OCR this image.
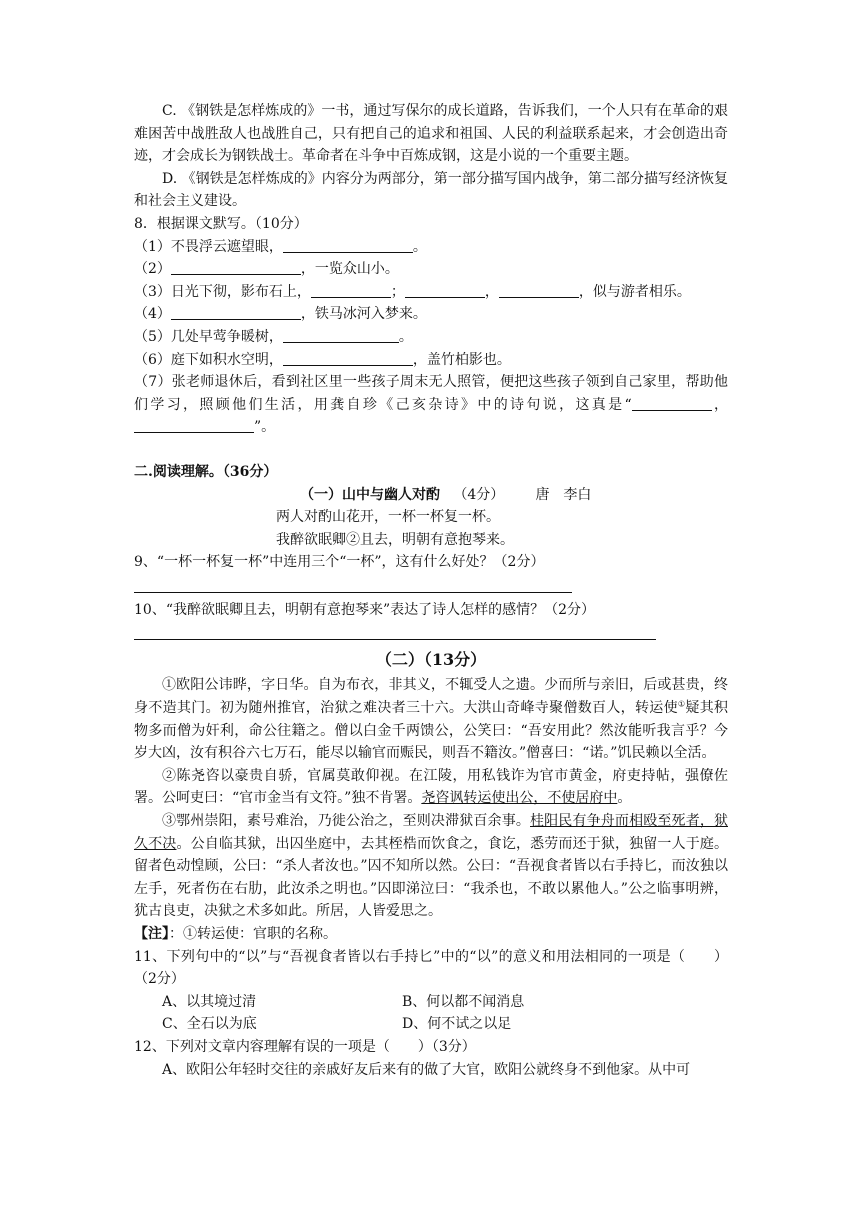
C. 《钢铁是怎样炼成的》一书，通过写保尔的成长道路，告诉我们，一个人只有在革命的艰难困苦中战胜敌人也战胜自己，只有把自己的追求和祖国、人民的利益联系起来，才会创造出奇迹，才会成长为钢铁战士。革命者在斗争中百炼成钢，这是小说的一个重要主题。

D. 《钢铁是怎样炼成的》内容分为两部分，第一部分描写国内战争，第二部分描写经济恢复和社会主义建设。

8．根据课文默写。（10分）

（1）不畏浮云遮望眼，	。

（2）	，一览众山小。

（3）日光下彻，影布石上，	；	，	，似与游者相乐。

（4）	，铁马冰河入梦来。

（5）几处早莺争暖树，	。

（6）庭下如积水空明，	，盖竹柏影也。

（7）张老师退休后，看到社区里一些孩子周末无人照管，便把这些孩子领到自己家里，帮助他们学习，照顾他们生活，用龚自珍《己亥杂诗》中的诗句说，这真是“	，”。

二.阅读理解。（36分）

（一）山中与幽人对酌 （4分） 唐　李白

两人对酌山花开，一杯一杯复一杯。

我醉欲眠卿②且去，明朝有意抱琴来。

9、“一杯一杯复一杯”中连用三个“一杯”，这有什么好处？（2分）

10、“我醉欲眠卿且去，明朝有意抱琴来”表达了诗人怎样的感情？（2分）

（二）（13分）

①欧阳公讳晔，字日华。自为布衣，非其义，不辄受人之遗。少而所与亲旧，后或甚贵，终身不造其门。初为随州推官，治狱之难决者三十六。大洪山奇峰寺聚僧数百人，转运使①疑其积物多而僧为奸利，命公往籍之。僧以白金千两馈公，公笑曰：“吾安用此？然汝能听我言乎？今岁大凶，汝有积谷六七万石，能尽以输官而赈民，则吾不籍汝。”僧喜曰：“诺。”饥民赖以全活。

②陈尧咨以豪贵自骄，官属莫敢仰视。在江陵，用私钱诈为官市黄金，府吏持帖，强僚佐署。公呵吏曰：“官市金当有文符。”独不肯署。尧咨讽转运使出公，不使居府中。

③鄂州崇阳，素号难治，乃徙公治之，至则决滞狱百余事。桂阳民有争舟而相殴至死者，狱久不决。公自临其狱，出囚坐庭中，去其桎梏而饮食之，食讫，悉劳而还于狱，独留一人于庭。留者色动惶顾，公曰：“杀人者汝也。”囚不知所以然。公曰：“吾视食者皆以右手持匕，而汝独以左手，死者伤在右肋，此汝杀之明也。”囚即涕泣曰：“我杀也，不敢以累他人。”公之临事明辨，犹古良吏，决狱之术多如此。所居，人皆爱思之。

【注】：①转运使：官职的名称。

11、下列句中的“以”与“吾视食者皆以右手持匕”中的“以”的意义和用法相同的一项是（　　）（2分）

A、以其境过清	B、何以都不闻消息
C、全石以为底	D、何不试之以足

12、下列对文章内容理解有误的一项是（　　）（3分）

A、欧阳公年轻时交往的亲戚好友后来有的做了大官，欧阳公就终身不到他家。从中可
